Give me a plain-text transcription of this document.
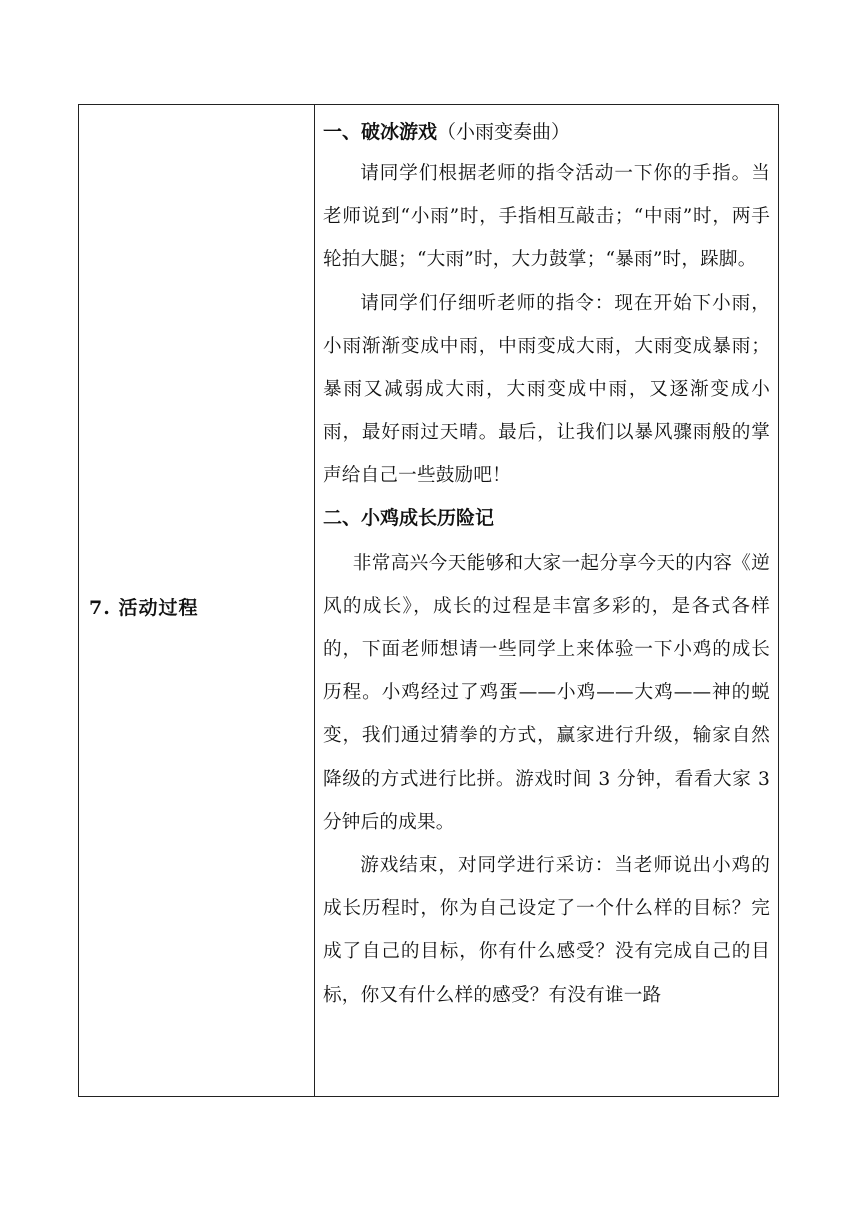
7. 活动过程
一、破冰游戏（小雨变奏曲）

请同学们根据老师的指令活动一下你的手指。当老师说到“小雨”时，手指相互敲击；“中雨”时，两手轮拍大腿；“大雨”时，大力鼓掌；“暴雨”时，跺脚。

请同学们仔细听老师的指令：现在开始下小雨，小雨渐渐变成中雨，中雨变成大雨，大雨变成暴雨；暴雨又减弱成大雨，大雨变成中雨，又逐渐变成小雨，最好雨过天晴。最后，让我们以暴风骤雨般的掌声给自己一些鼓励吧！

二、小鸡成长历险记

非常高兴今天能够和大家一起分享今天的内容《逆风的成长》，成长的过程是丰富多彩的，是各式各样的，下面老师想请一些同学上来体验一下小鸡的成长历程。小鸡经过了鸡蛋——小鸡——大鸡——神的蜕变，我们通过猜拳的方式，赢家进行升级，输家自然降级的方式进行比拼。游戏时间 3 分钟，看看大家 3 分钟后的成果。

游戏结束，对同学进行采访：当老师说出小鸡的成长历程时，你为自己设定了一个什么样的目标？完成了自己的目标，你有什么感受？没有完成自己的目标，你又有什么样的感受？有没有谁一路
